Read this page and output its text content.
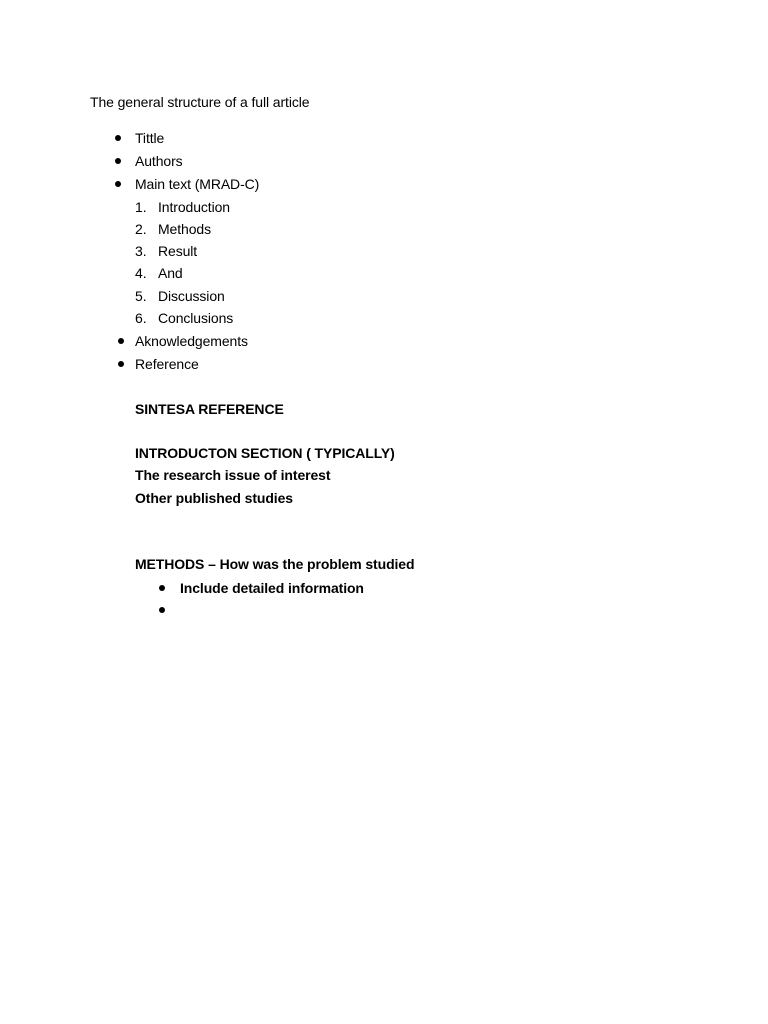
The general structure of a full article
Tittle
Authors
Main text (MRAD-C)
1. Introduction
2. Methods
3. Result
4. And
5. Discussion
6. Conclusions
Aknowledgements
Reference
SINTESA REFERENCE
INTRODUCTON SECTION ( TYPICALLY)
The research issue of interest
Other published studies
METHODS – How was the problem studied
Include detailed information
